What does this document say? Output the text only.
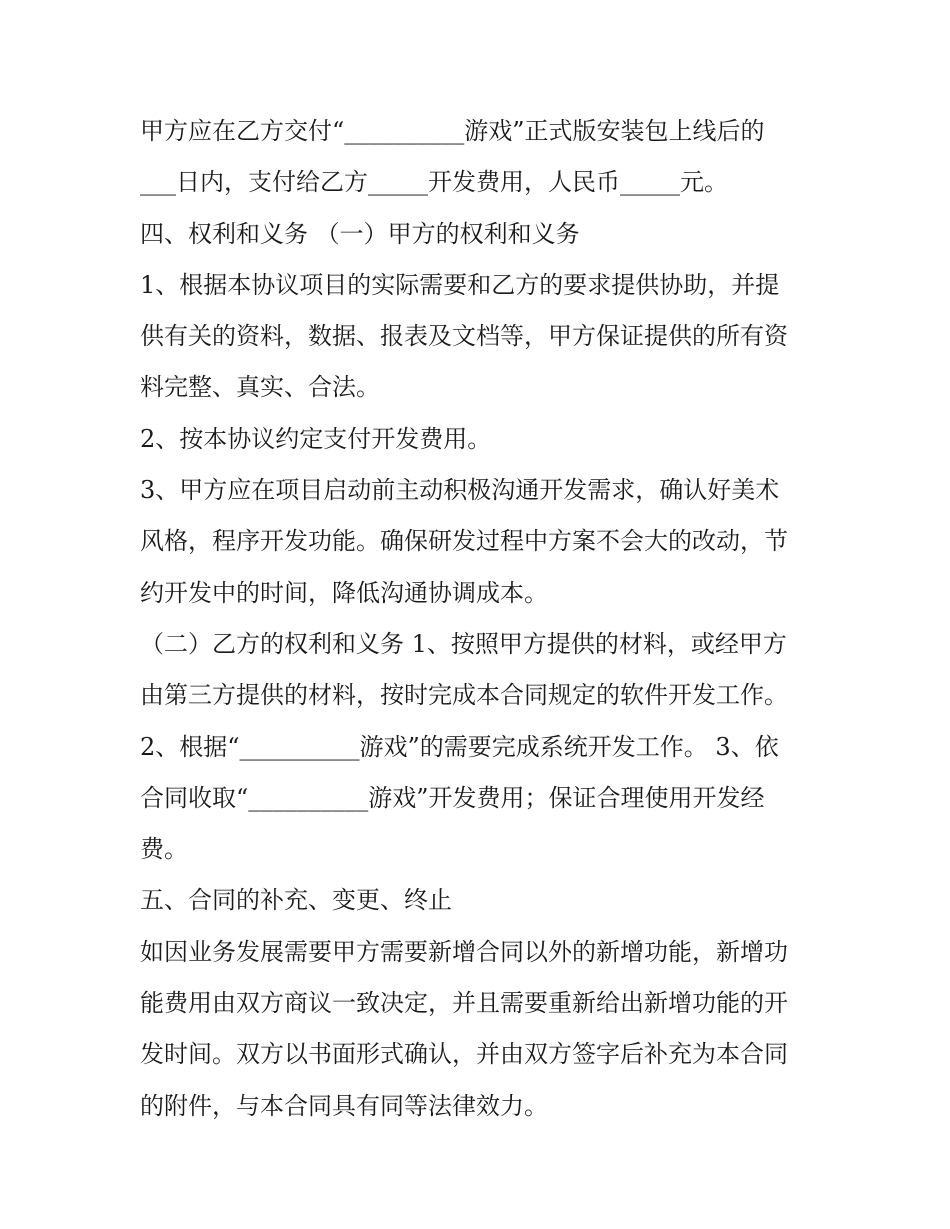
甲方应在乙方交付“__________游戏”正式版安装包上线后的
___日内，支付给乙方_____开发费用，人民币_____元。
四、权利和义务 （一）甲方的权利和义务
1、根据本协议项目的实际需要和乙方的要求提供协助，并提
供有关的资料，数据、报表及文档等，甲方保证提供的所有资
料完整、真实、合法。
2、按本协议约定支付开发费用。
3、甲方应在项目启动前主动积极沟通开发需求，确认好美术
风格，程序开发功能。确保研发过程中方案不会大的改动，节
约开发中的时间，降低沟通协调成本。
（二）乙方的权利和义务 1、按照甲方提供的材料，或经甲方
由第三方提供的材料，按时完成本合同规定的软件开发工作。
2、根据“__________游戏”的需要完成系统开发工作。 3、依
合同收取“__________游戏”开发费用；保证合理使用开发经
费。
五、合同的补充、变更、终止
如因业务发展需要甲方需要新增合同以外的新增功能，新增功
能费用由双方商议一致决定，并且需要重新给出新增功能的开
发时间。双方以书面形式确认，并由双方签字后补充为本合同
的附件，与本合同具有同等法律效力。
